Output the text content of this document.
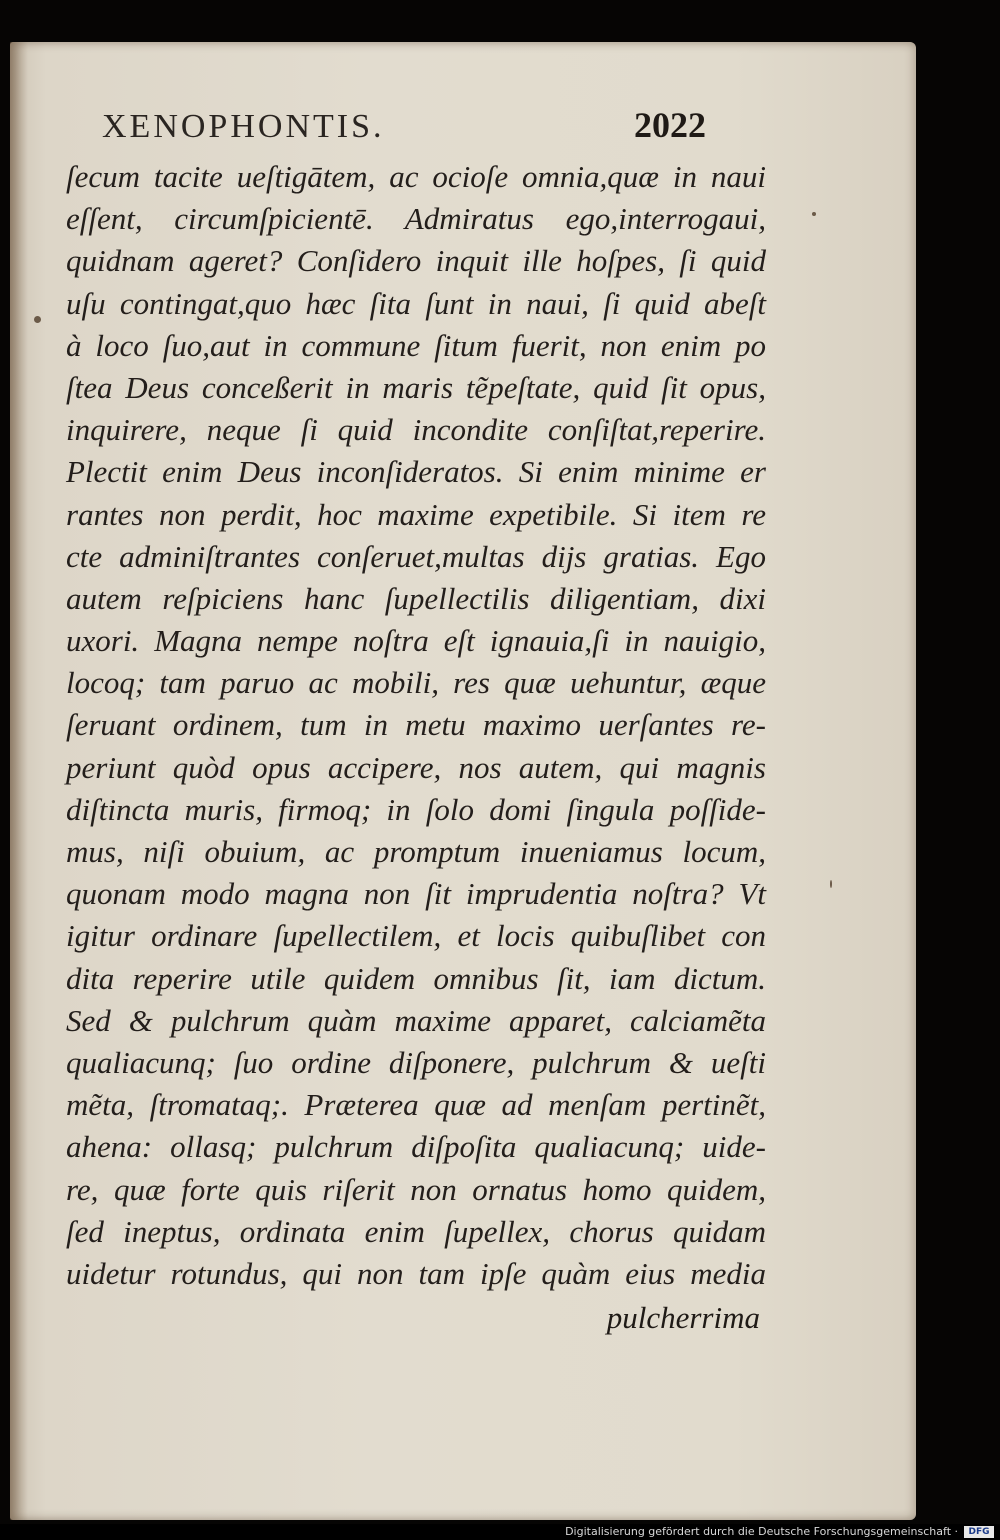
XENOPHONTIS.	2022
ſecum tacite ueſtigātem, ac ocioſe omnia,quæ in naui
eſſent, circumſpicientē. Admiratus ego,interrogaui,
quidnam ageret? Conſidero inquit ille hoſpes, ſi quid
uſu contingat,quo hæc ſita ſunt in naui, ſi quid abeſt
à loco ſuo,aut in commune ſitum fuerit, non enim po
ſtea Deus conceßerit in maris tẽpeſtate, quid ſit opus,
inquirere, neque ſi quid incondite conſiſtat,reperire.
Plectit enim Deus inconſideratos. Si enim minime er
rantes non perdit, hoc maxime expetibile. Si item re
cte adminiſtrantes conſeruet,multas dijs gratias. Ego
autem reſpiciens hanc ſupellectilis diligentiam, dixi
uxori. Magna nempe noſtra eſt ignauia,ſi in nauigio,
locoq; tam paruo ac mobili, res quæ uehuntur, æque
ſeruant ordinem, tum in metu maximo uerſantes re-
periunt quòd opus accipere, nos autem, qui magnis
diſtincta muris, firmoq; in ſolo domi ſingula poſſide-
mus, niſi obuium, ac promptum inueniamus locum,
quonam modo magna non ſit imprudentia noſtra? Vt
igitur ordinare ſupellectilem, et locis quibuſlibet con
dita reperire utile quidem omnibus ſit, iam dictum.
Sed & pulchrum quàm maxime apparet, calciamẽta
qualiacunq; ſuo ordine diſponere, pulchrum & ueſti
mẽta, ſtromataq;. Præterea quæ ad menſam pertinẽt,
ahena: ollasq; pulchrum diſpoſita qualiacunq; uide-
re, quæ forte quis riſerit non ornatus homo quidem,
ſed ineptus, ordinata enim ſupellex, chorus quidam
uidetur rotundus, qui non tam ipſe quàm eius media
pulcherrima
Digitalisierung gefördert durch die Deutsche Forschungsgemeinschaft ·	DFG
